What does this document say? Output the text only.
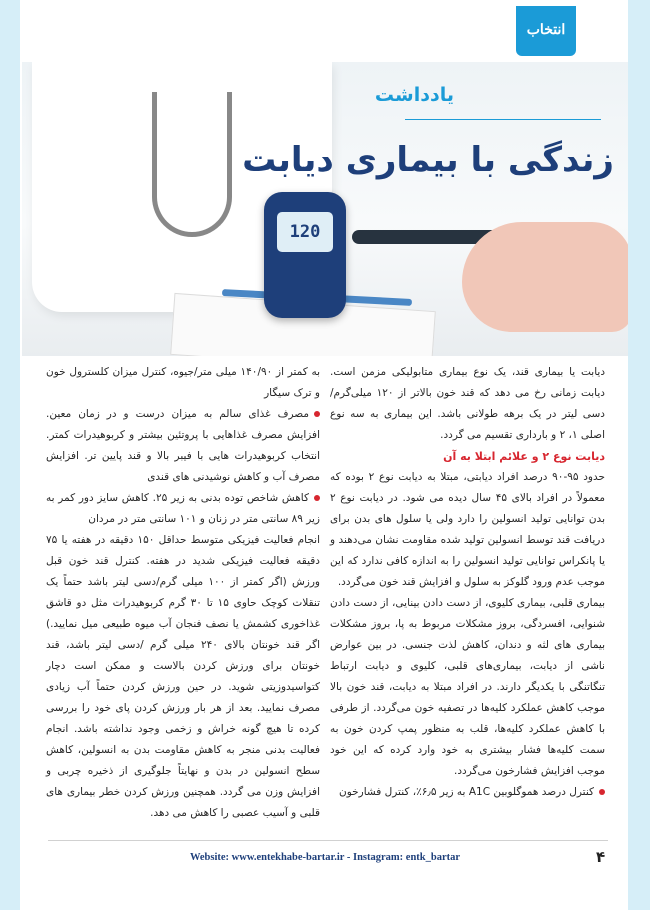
انتخاب
120
یادداشت
زندگی با بیماری دیابت

دیابت یا بیماری قند، یک نوع بیماری متابولیکی مزمن است. دیابت زمانی رخ می دهد که قند خون بالاتر از ۱۲۰ میلی‌گرم/دسی لیتر در یک برهه طولانی باشد. این بیماری به سه نوع اصلی ۱، ۲ و بارداری تقسیم می گردد.

دیابت نوع ۲ و علائم ابتلا به آن

حدود ۹۵-۹۰ درصد افراد دیابتی، مبتلا به دیابت نوع ۲ بوده که معمولاً در افراد بالای ۴۵ سال دیده می شود. در دیابت نوع ۲ بدن توانایی تولید انسولین را دارد ولی یا سلول های بدن برای دریافت قند توسط انسولین تولید شده مقاومت نشان می‌دهند و یا پانکراس توانایی تولید انسولین را به اندازه کافی ندارد که این موجب عدم ورود گلوکز به سلول و افزایش قند خون می‌گردد.

بیماری قلبی، بیماری کلیوی، از دست دادن بینایی، از دست دادن شنوایی، افسردگی، بروز مشکلات مربوط به پا، بروز مشکلات بیماری های لثه و دندان، کاهش لذت جنسی. در بین عوارض ناشی از دیابت، بیماری‌های قلبی، کلیوی و دیابت ارتباط تنگاتنگی با یکدیگر دارند. در افراد مبتلا به دیابت، قند خون بالا موجب کاهش عملکرد کلیه‌ها در تصفیه خون می‌گردد. از طرفی با کاهش عملکرد کلیه‌ها، قلب به منظور پمپ کردن خون به سمت کلیه‌ها فشار بیشتری به خود وارد کرده که این خود موجب افزایش فشارخون می‌گردد.

کنترل درصد هموگلوبین A1C به زیر ۶٫۵٪، کنترل فشارخون

به کمتر از ۱۴۰/۹۰ میلی متر/جیوه، کنترل میزان کلسترول خون و ترک سیگار

مصرف غذای سالم به میزان درست و در زمان معین. افزایش مصرف غذاهایی با پروتئین بیشتر و کربوهیدرات کمتر. انتخاب کربوهیدرات هایی با فیبر بالا و قند پایین تر. افزایش مصرف آب و کاهش نوشیدنی های قندی

کاهش شاخص توده بدنی به زیر ۲۵. کاهش سایز دور کمر به زیر ۸۹ سانتی متر در زنان و ۱۰۱ سانتی متر در مردان

انجام فعالیت فیزیکی متوسط حداقل ۱۵۰ دقیقه در هفته یا ۷۵ دقیقه فعالیت فیزیکی شدید در هفته. کنترل قند خون قبل ورزش (اگر کمتر از ۱۰۰ میلی گرم/دسی لیتر باشد حتماً یک تنقلات کوچک حاوی ۱۵ تا ۳۰ گرم کربوهیدرات مثل دو قاشق غذاخوری کشمش یا نصف فنجان آب میوه طبیعی میل نمایید.) اگر قند خونتان بالای ۲۴۰ میلی گرم /دسی لیتر باشد، قند خونتان برای ورزش کردن بالاست و ممکن است دچار کتواسیدوزیتی شوید. در حین ورزش کردن حتماً آب زیادی مصرف نمایید. بعد از هر بار ورزش کردن پای خود را بررسی کرده تا هیچ گونه خراش و زخمی وجود نداشته باشد. انجام فعالیت بدنی منجر به کاهش مقاومت بدن به انسولین، کاهش سطح انسولین در بدن و نهایتاً جلوگیری از ذخیره چربی و افزایش وزن می گردد. همچنین ورزش کردن خطر بیماری های قلبی و آسیب عصبی را کاهش می دهد.

Website: www.entekhabe-bartar.ir - Instagram: entk_bartar	۴
